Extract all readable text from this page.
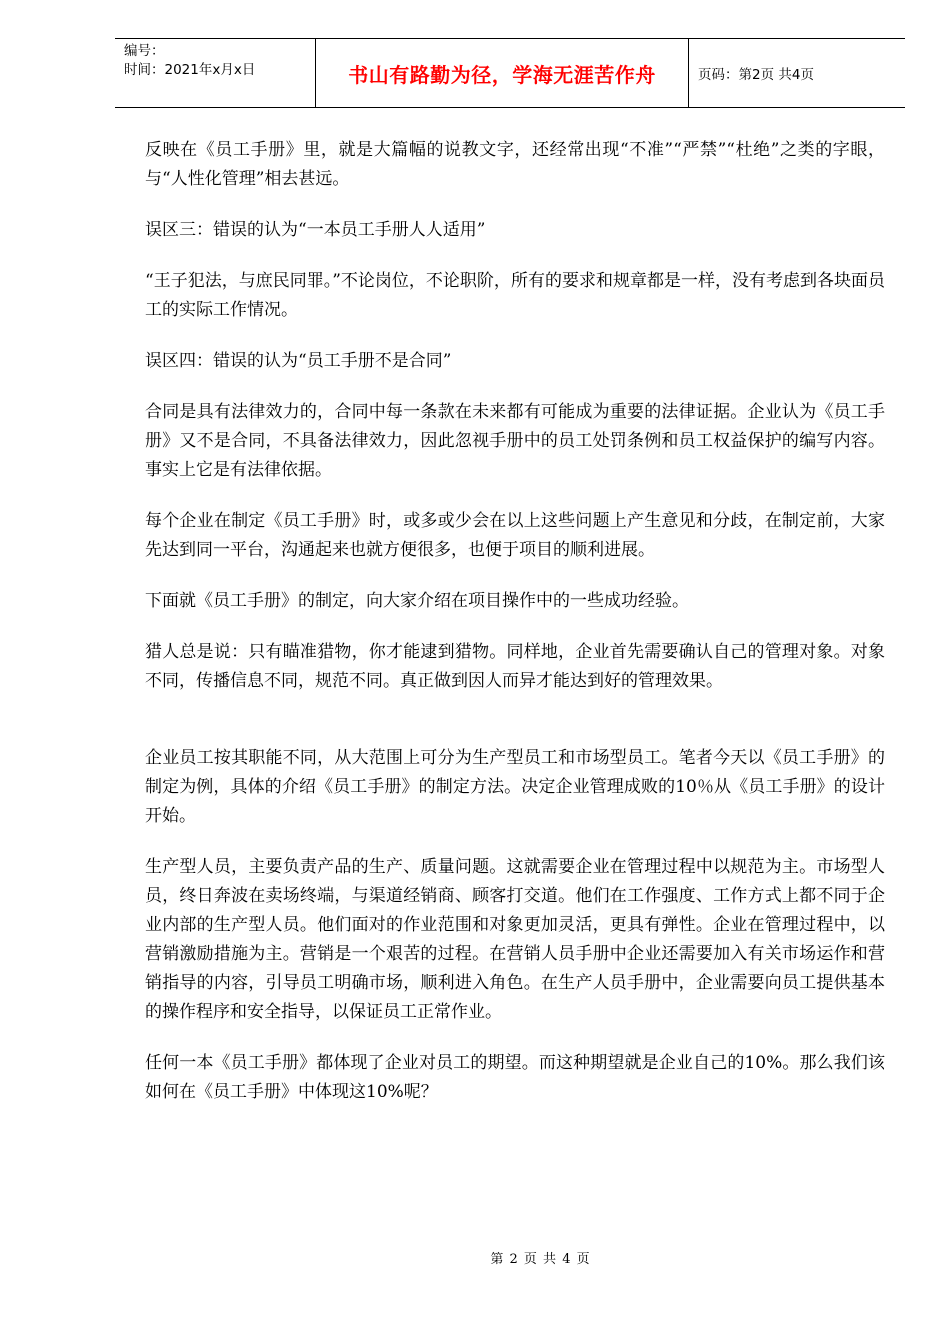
编号：
时间：2021年x月x日	书山有路勤为径，学海无涯苦作舟	页码：第2页 共4页

反映在《员工手册》里，就是大篇幅的说教文字，还经常出现“不准”“严禁”“杜绝”之类的字眼，与“人性化管理”相去甚远。

误区三：错误的认为“一本员工手册人人适用”

“王子犯法，与庶民同罪。”不论岗位，不论职阶，所有的要求和规章都是一样，没有考虑到各块面员工的实际工作情况。

误区四：错误的认为“员工手册不是合同”

合同是具有法律效力的，合同中每一条款在未来都有可能成为重要的法律证据。企业认为《员工手册》又不是合同，不具备法律效力，因此忽视手册中的员工处罚条例和员工权益保护的编写内容。事实上它是有法律依据。

每个企业在制定《员工手册》时，或多或少会在以上这些问题上产生意见和分歧，在制定前，大家先达到同一平台，沟通起来也就方便很多，也便于项目的顺利进展。

下面就《员工手册》的制定，向大家介绍在项目操作中的一些成功经验。

猎人总是说：只有瞄准猎物，你才能逮到猎物。同样地，企业首先需要确认自己的管理对象。对象不同，传播信息不同，规范不同。真正做到因人而异才能达到好的管理效果。

企业员工按其职能不同，从大范围上可分为生产型员工和市场型员工。笔者今天以《员工手册》的制定为例，具体的介绍《员工手册》的制定方法。决定企业管理成败的10％从《员工手册》的设计开始。

生产型人员，主要负责产品的生产、质量问题。这就需要企业在管理过程中以规范为主。市场型人员，终日奔波在卖场终端，与渠道经销商、顾客打交道。他们在工作强度、工作方式上都不同于企业内部的生产型人员。他们面对的作业范围和对象更加灵活，更具有弹性。企业在管理过程中，以营销激励措施为主。营销是一个艰苦的过程。在营销人员手册中企业还需要加入有关市场运作和营销指导的内容，引导员工明确市场，顺利进入角色。在生产人员手册中，企业需要向员工提供基本的操作程序和安全指导，以保证员工正常作业。

任何一本《员工手册》都体现了企业对员工的期望。而这种期望就是企业自己的10%。那么我们该如何在《员工手册》中体现这10%呢？

第 2 页 共 4 页
